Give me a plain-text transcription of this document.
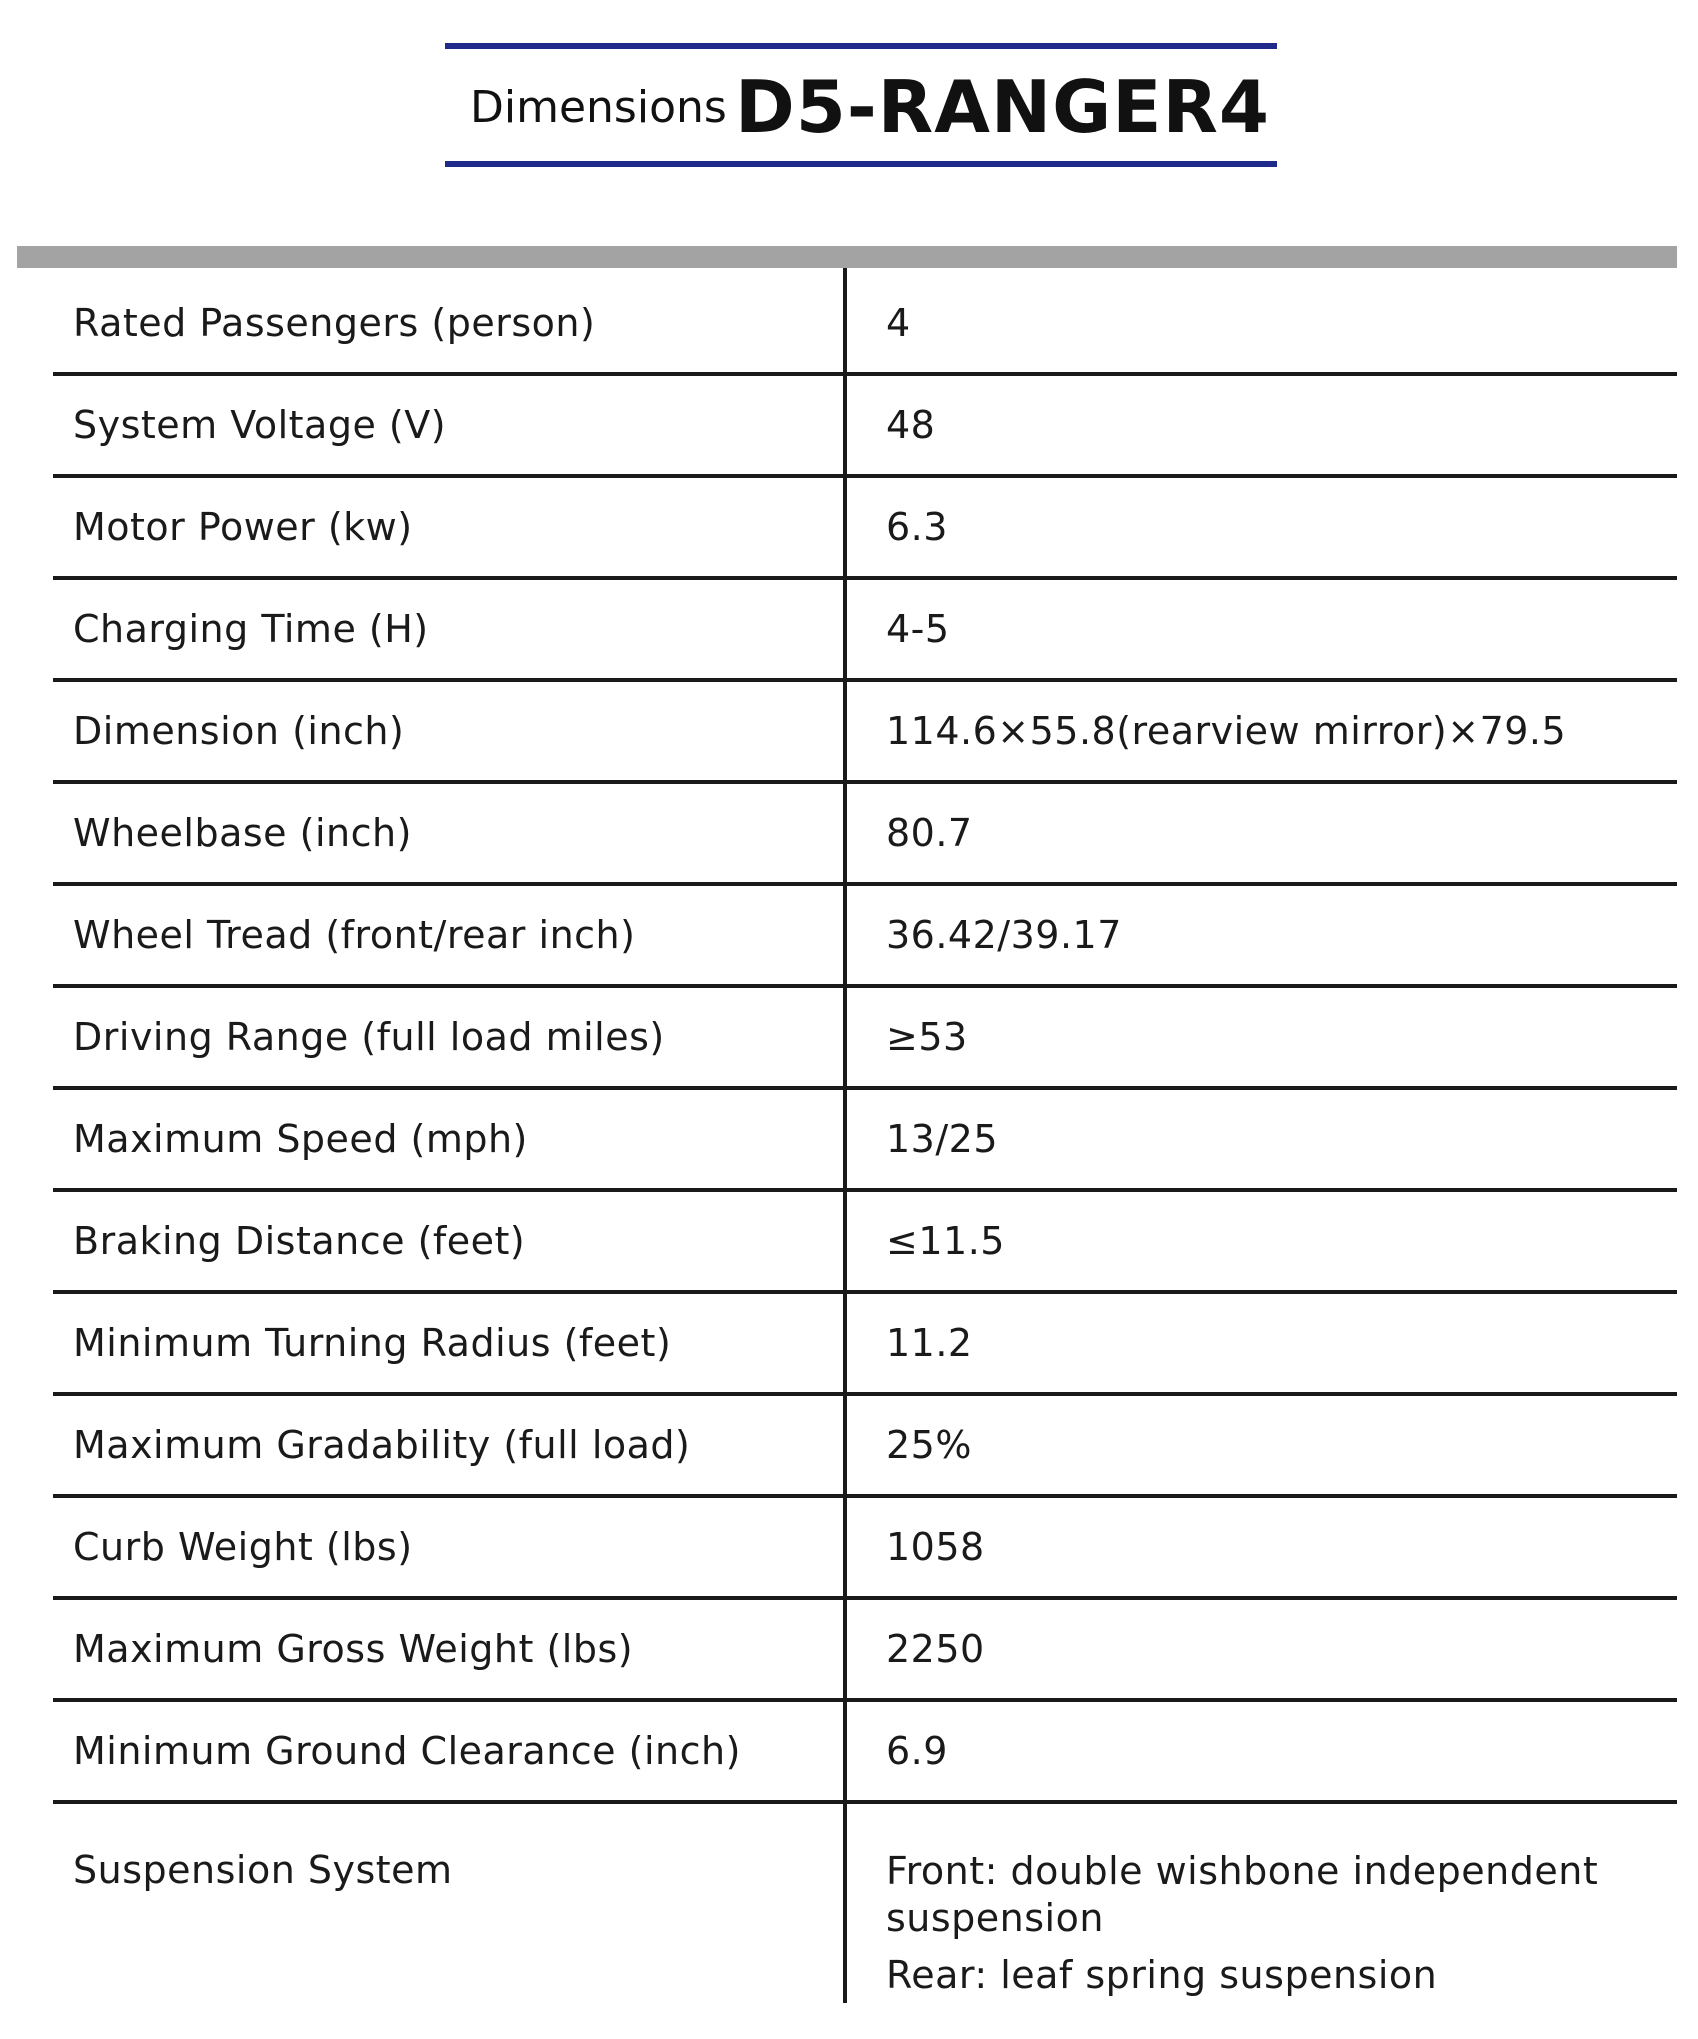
Dimensions D5-RANGER4
Rated Passengers (person)	4
System Voltage (V)	48
Motor Power (kw)	6.3
Charging Time (H)	4-5
Dimension (inch)	114.6×55.8(rearview mirror)×79.5
Wheelbase (inch)	80.7
Wheel Tread (front/rear inch)	36.42/39.17
Driving Range (full load miles)	≥53
Maximum Speed (mph)	13/25
Braking Distance (feet)	≤11.5
Minimum Turning Radius (feet)	11.2
Maximum Gradability (full load)	25%
Curb Weight (lbs)	1058
Maximum Gross Weight (lbs)	2250
Minimum Ground Clearance (inch)	6.9
Suspension System	Front: double wishbone independent suspension
Rear: leaf spring suspension
